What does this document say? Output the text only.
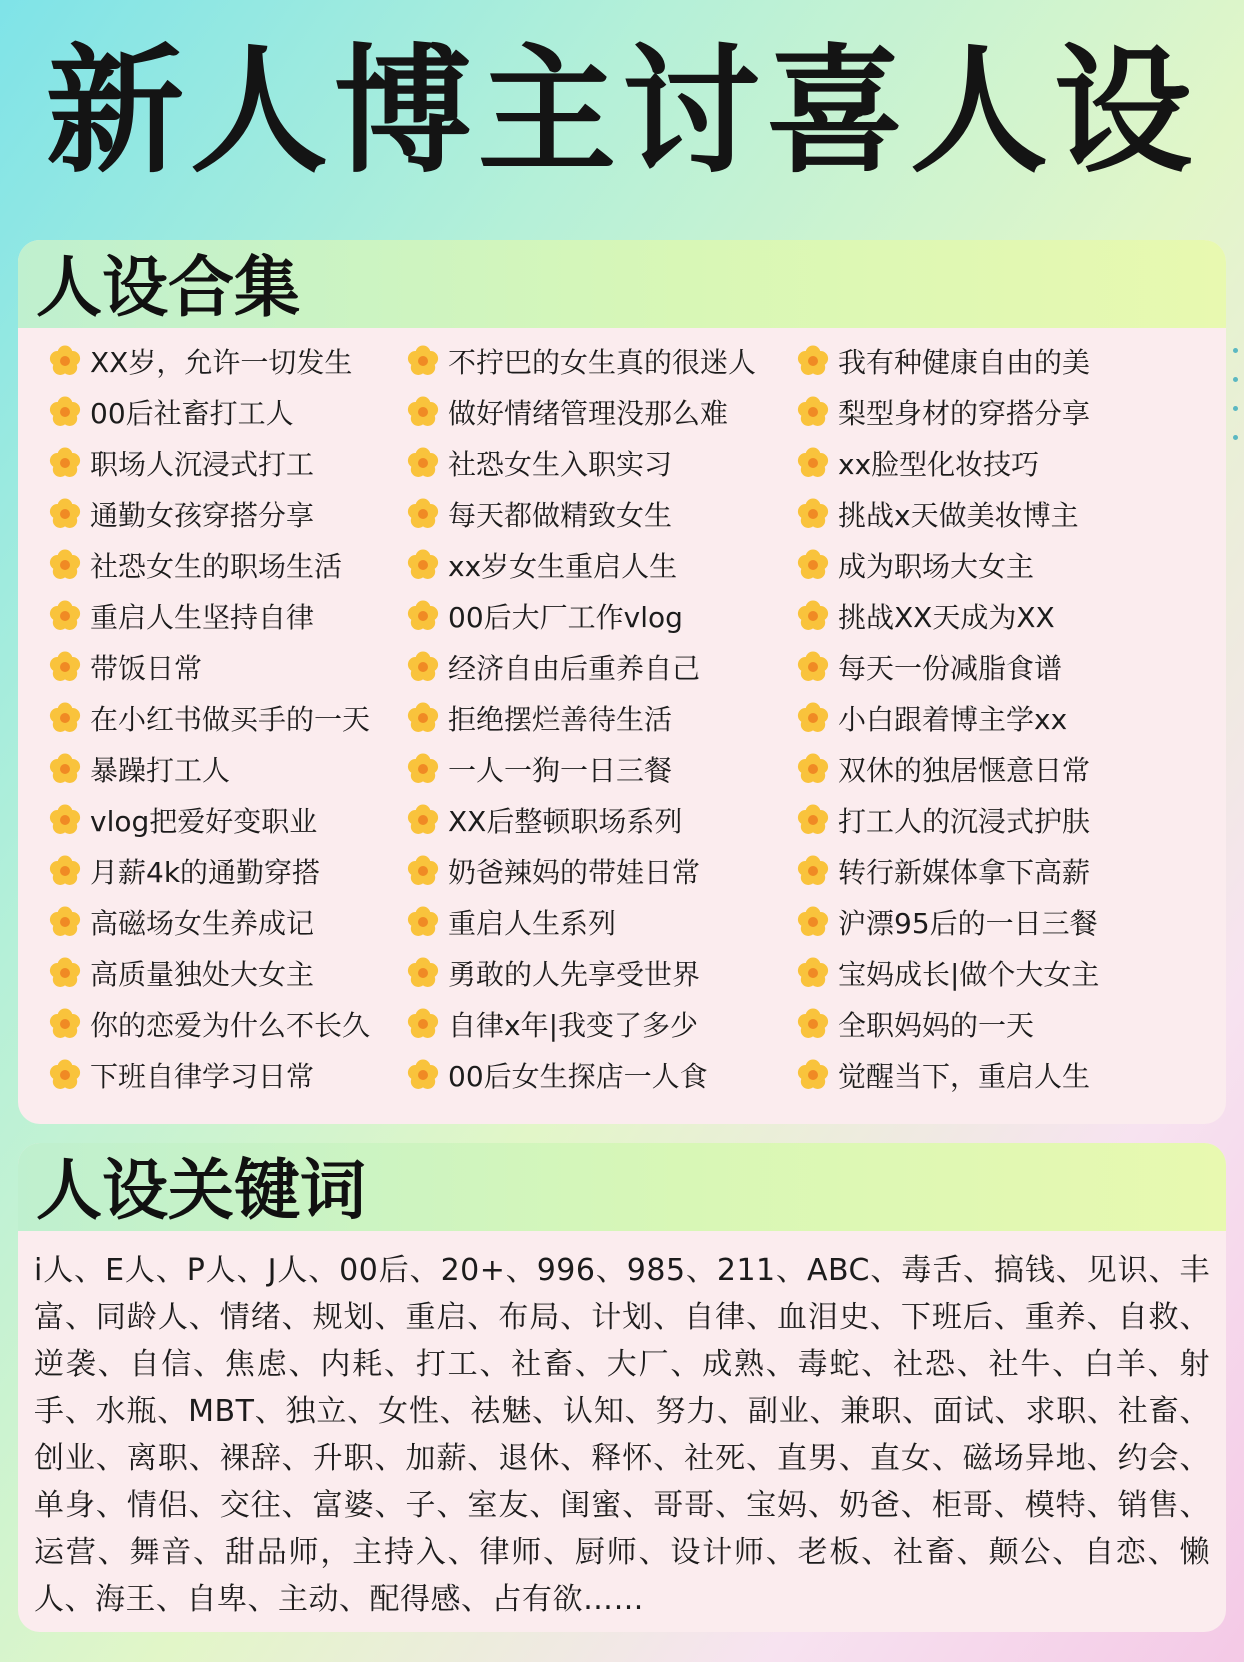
新人博主讨喜人设
人设合集
XX岁，允许一切发生
00后社畜打工人
职场人沉浸式打工
通勤女孩穿搭分享
社恐女生的职场生活
重启人生坚持自律
带饭日常
在小红书做买手的一天
暴躁打工人
vlog把爱好变职业
月薪4k的通勤穿搭
高磁场女生养成记
高质量独处大女主
你的恋爱为什么不长久
下班自律学习日常
不拧巴的女生真的很迷人
做好情绪管理没那么难
社恐女生入职实习
每天都做精致女生
xx岁女生重启人生
00后大厂工作vlog
经济自由后重养自己
拒绝摆烂善待生活
一人一狗一日三餐
XX后整顿职场系列
奶爸辣妈的带娃日常
重启人生系列
勇敢的人先享受世界
自律x年|我变了多少
00后女生探店一人食
我有种健康自由的美
梨型身材的穿搭分享
xx脸型化妆技巧
挑战x天做美妆博主
成为职场大女主
挑战XX天成为XX
每天一份减脂食谱
小白跟着博主学xx
双休的独居惬意日常
打工人的沉浸式护肤
转行新媒体拿下高薪
沪漂95后的一日三餐
宝妈成长|做个大女主
全职妈妈的一天
觉醒当下，重启人生
人设关键词
i人、E人、P人、J人、00后、20+、996、985、211、ABC、毒舌、搞钱、见识、丰富、同龄人、情绪、规划、重启、布局、计划、自律、血泪史、下班后、重养、自救、逆袭、自信、焦虑、内耗、打工、社畜、大厂、成熟、毒蛇、社恐、社牛、白羊、射手、水瓶、MBT、独立、女性、祛魅、认知、努力、副业、兼职、面试、求职、社畜、创业、离职、裸辞、升职、加薪、退休、释怀、社死、直男、直女、磁场异地、约会、单身、情侣、交往、富婆、子、室友、闺蜜、哥哥、宝妈、奶爸、柜哥、模特、销售、运营、舞音、甜品师，主持入、律师、厨师、设计师、老板、社畜、颠公、自恋、懒人、海王、自卑、主动、配得感、占有欲……
